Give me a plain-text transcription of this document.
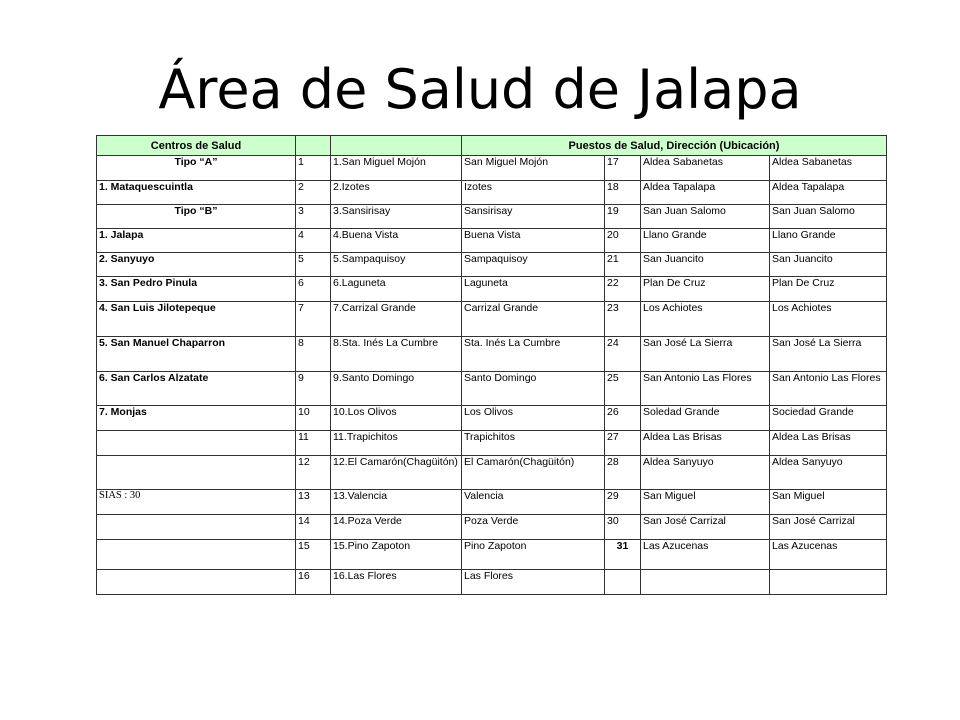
Área de Salud de Jalapa
Centros de Salud			Puestos de Salud, Dirección (Ubicación)			
Tipo “A”	1	1.San Miguel Mojón	San Miguel Mojón	17	Aldea Sabanetas	Aldea Sabanetas
1. Mataquescuintla	2	2.Izotes	Izotes	18	Aldea Tapalapa	Aldea Tapalapa
Tipo “B”	3	3.Sansirisay	Sansirisay	19	San Juan Salomo	San Juan Salomo
1. Jalapa	4	4.Buena Vista	Buena Vista	20	Llano Grande	Llano Grande
2. Sanyuyo	5	5.Sampaquisoy	Sampaquisoy	21	San Juancito	San Juancito
3. San Pedro Pinula	6	6.Laguneta	Laguneta	22	Plan De Cruz	Plan De Cruz
4. San Luis Jilotepeque	7	7.Carrizal Grande	Carrizal Grande	23	Los Achiotes	Los Achiotes
5. San Manuel Chaparron	8	8.Sta. Inés La Cumbre	Sta. Inés La Cumbre	24	San José La Sierra	San José La Sierra
6. San Carlos Alzatate	9	9.Santo Domingo	Santo Domingo	25	San Antonio Las Flores	San Antonio Las Flores
7. Monjas	10	10.Los Olivos	Los Olivos	26	Soledad Grande	Sociedad Grande
	11	11.Trapichitos	Trapichitos	27	Aldea Las Brisas	Aldea Las Brisas
	12	12.El Camarón(Chagüitón)	El Camarón(Chagüitón)	28	Aldea Sanyuyo	Aldea Sanyuyo
SIAS : 30	13	13.Valencia	Valencia	29	San Miguel	San Miguel
	14	14.Poza Verde	Poza Verde	30	San José Carrizal	San José Carrizal
	15	15.Pino Zapoton	Pino Zapoton	31	Las Azucenas	Las Azucenas
	16	16.Las Flores	Las Flores			
